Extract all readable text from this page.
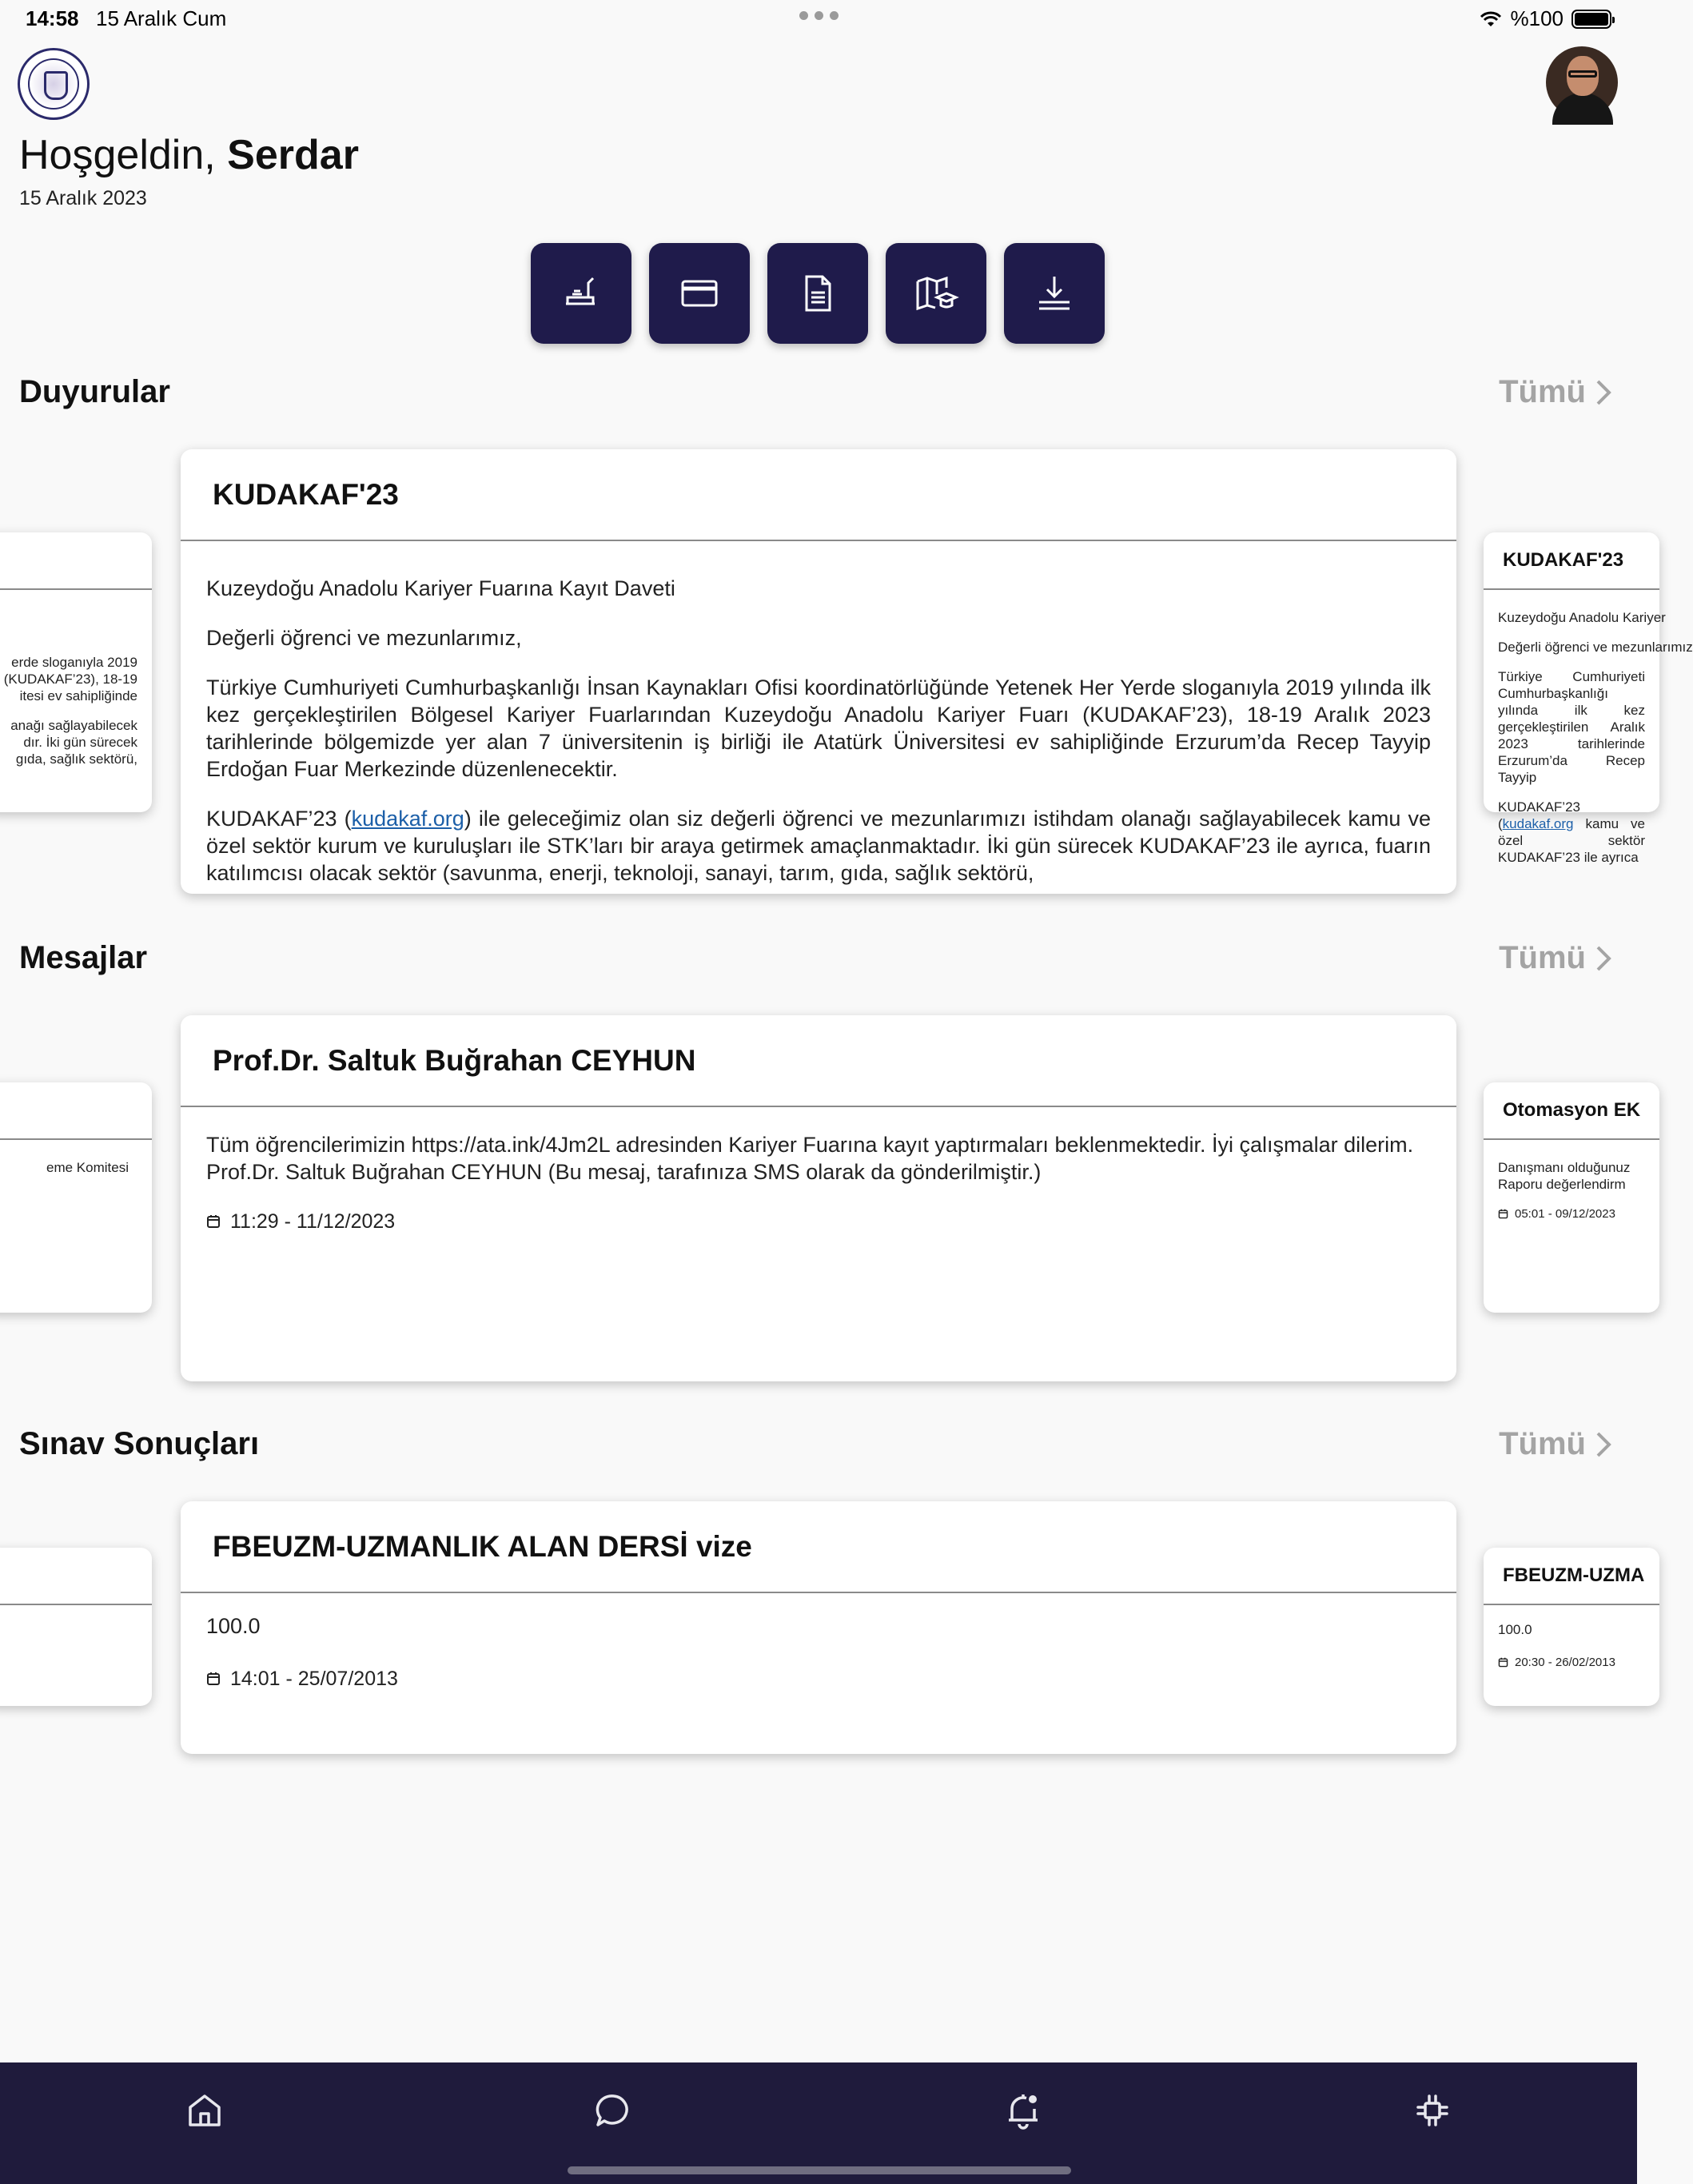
14:58 15 Aralık Cum	%100
Hoşgeldin, Serdar
15 Aralık 2023
Duyurular	Tümü

erde sloganıyla 2019 (KUDAKAF’23), 18-19 itesi ev sahipliğinde

anağı sağlayabilecek dır. İki gün sürecek gıda, sağlık sektörü,

KUDAKAF'23

Kuzeydoğu Anadolu Kariyer Fuarına Kayıt Daveti

Değerli öğrenci ve mezunlarımız,

Türkiye Cumhuriyeti Cumhurbaşkanlığı İnsan Kaynakları Ofisi koordinatörlüğünde Yetenek Her Yerde sloganıyla 2019 yılında ilk kez gerçekleştirilen Bölgesel Kariyer Fuarlarından Kuzeydoğu Anadolu Kariyer Fuarı (KUDAKAF’23), 18-19 Aralık 2023 tarihlerinde bölgemizde yer alan 7 üniversitenin iş birliği ile Atatürk Üniversitesi ev sahipliğinde Erzurum’da Recep Tayyip Erdoğan Fuar Merkezinde düzenlenecektir.

KUDAKAF’23 (kudakaf.org) ile geleceğimiz olan siz değerli öğrenci ve mezunlarımızı istihdam olanağı sağlayabilecek kamu ve özel sektör kurum ve kuruluşları ile STK’ları bir araya getirmek amaçlanmaktadır. İki gün sürecek KUDAKAF’23 ile ayrıca, fuarın katılımcısı olacak sektör (savunma, enerji, teknoloji, sanayi, tarım, gıda, sağlık sektörü,

KUDAKAF'23

Kuzeydoğu Anadolu Kariyer

Değerli öğrenci ve mezunlarımız

Türkiye Cumhuriyeti Cumhurbaşkanlığı yılında ilk kez gerçekleştirilen Aralık 2023 tarihlerinde Erzurum’da Recep Tayyip

KUDAKAF’23 (kudakaf.org kamu ve özel sektör KUDAKAF’23 ile ayrıca

Mesajlar	Tümü

eme Komitesi

Prof.Dr. Saltuk Buğrahan CEYHUN

Tüm öğrencilerimizin https://ata.ink/4Jm2L adresinden Kariyer Fuarına kayıt yaptırmaları beklenmektedir. İyi çalışmalar dilerim. Prof.Dr. Saltuk Buğrahan CEYHUN (Bu mesaj, tarafınıza SMS olarak da gönderilmiştir.)

11:29 - 11/12/2023
Otomasyon EK

Danışmanı olduğunuz Raporu değerlendirm

05:01 - 09/12/2023
Sınav Sonuçları	Tümü
FBEUZM-UZMANLIK ALAN DERSİ vize

100.0

14:01 - 25/07/2013
FBEUZM-UZMA

100.0

20:30 - 26/02/2013
